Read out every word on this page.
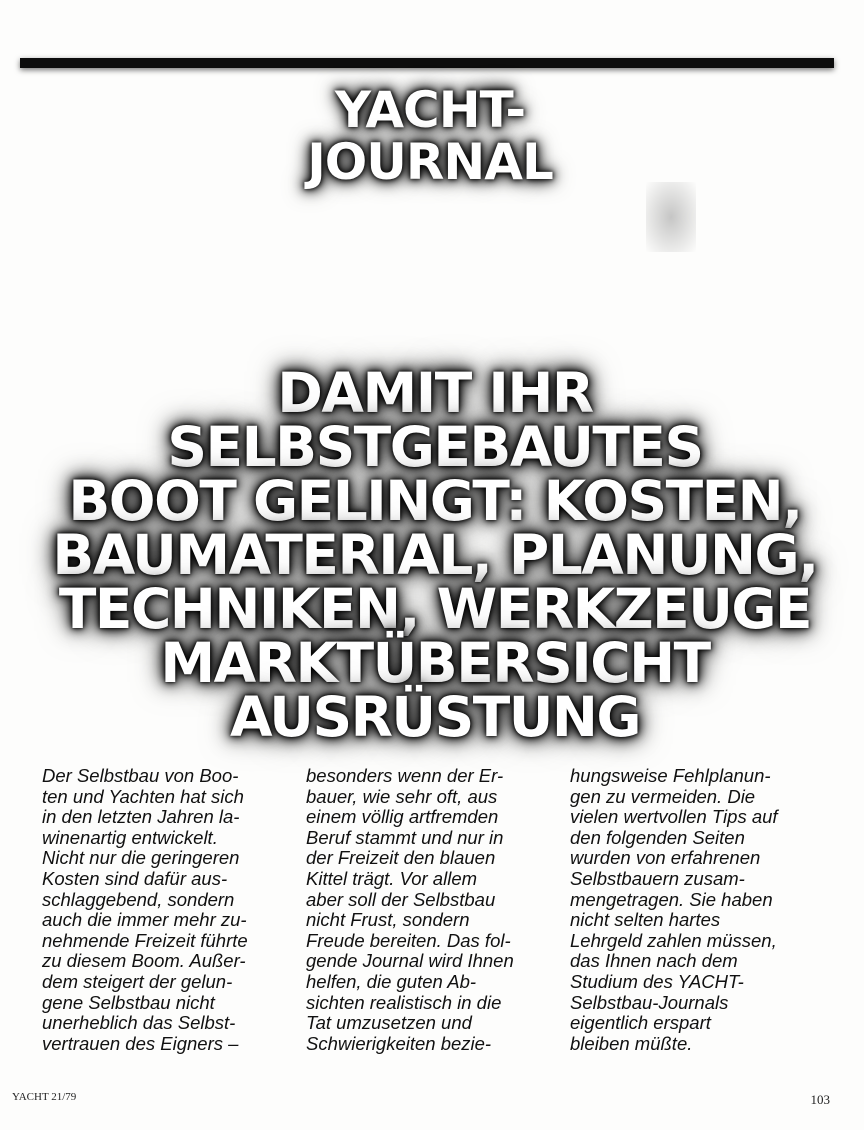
YACHT-
JOURNAL
DAMIT IHR
SELBSTGEBAUTES
BOOT GELINGT: KOSTEN,
BAUMATERIAL, PLANUNG,
TECHNIKEN, WERKZEUGE
MARKTÜBERSICHT
AUSRÜSTUNG
Der Selbstbau von Boo-
ten und Yachten hat sich
in den letzten Jahren la-
winenartig entwickelt.
Nicht nur die geringeren
Kosten sind dafür aus-
schlaggebend, sondern
auch die immer mehr zu-
nehmende Freizeit führte
zu diesem Boom. Außer-
dem steigert der gelun-
gene Selbstbau nicht
unerheblich das Selbst-
vertrauen des Eigners –
besonders wenn der Er-
bauer, wie sehr oft, aus
einem völlig artfremden
Beruf stammt und nur in
der Freizeit den blauen
Kittel trägt. Vor allem
aber soll der Selbstbau
nicht Frust, sondern
Freude bereiten. Das fol-
gende Journal wird Ihnen
helfen, die guten Ab-
sichten realistisch in die
Tat umzusetzen und
Schwierigkeiten bezie-
hungsweise Fehlplanun-
gen zu vermeiden. Die
vielen wertvollen Tips auf
den folgenden Seiten
wurden von erfahrenen
Selbstbauern zusam-
mengetragen. Sie haben
nicht selten hartes
Lehrgeld zahlen müssen,
das Ihnen nach dem
Studium des YACHT-
Selbstbau-Journals
eigentlich erspart
bleiben müßte.
YACHT 21/79	103
